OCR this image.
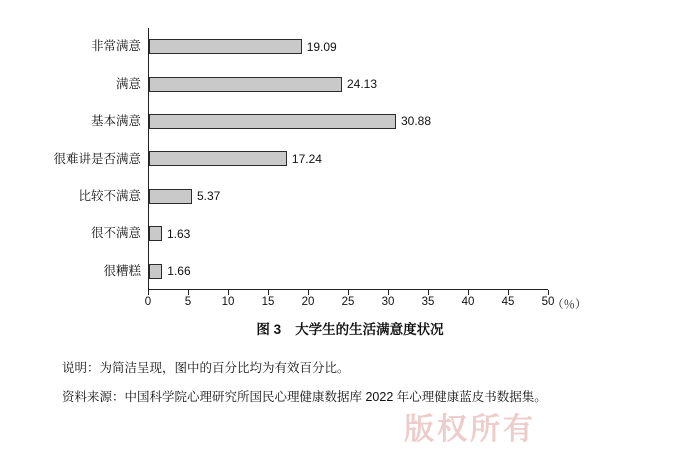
非常满意	19.09
满意	24.13
基本满意	30.88
很难讲是否满意	17.24
比较不满意	5.37
很不满意	1.63
很糟糕	1.66
0	5	10 15 20 25 30 35 40 45 50
（％）
图 3 大学生的生活满意度状况
说明：为简洁呈现，图中的百分比均为有效百分比。
资料来源：中国科学院心理研究所国民心理健康数据库 2022 年心理健康蓝皮书数据集。
版权所有
